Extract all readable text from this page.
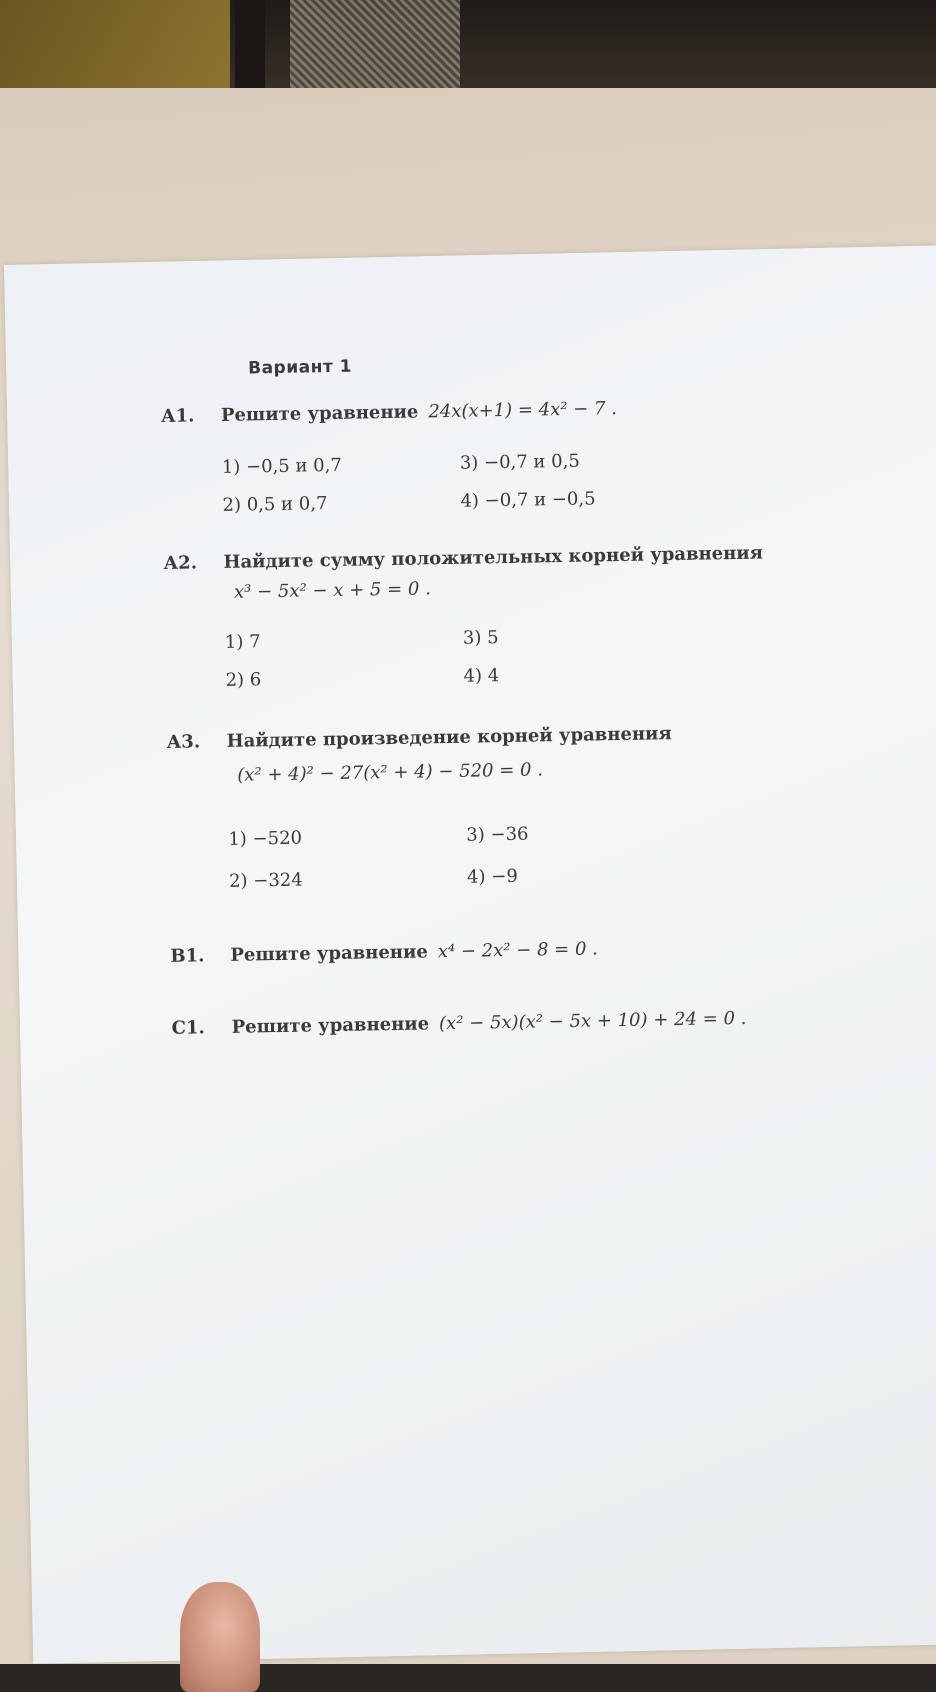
Вариант 1
А1. Решите уравнение 24x(x+1) = 4x² − 7 .
1) −0,5 и 0,7
2) 0,5 и 0,7
3) −0,7 и 0,5
4) −0,7 и −0,5
А2. Найдите сумму положительных корней уравнения
x³ − 5x² − x + 5 = 0 .
1) 7
2) 6
3) 5
4) 4
А3. Найдите произведение корней уравнения
(x² + 4)² − 27(x² + 4) − 520 = 0 .
1) −520
2) −324
3) −36
4) −9
В1. Решите уравнение x⁴ − 2x² − 8 = 0 .
С1. Решите уравнение (x² − 5x)(x² − 5x + 10) + 24 = 0 .
